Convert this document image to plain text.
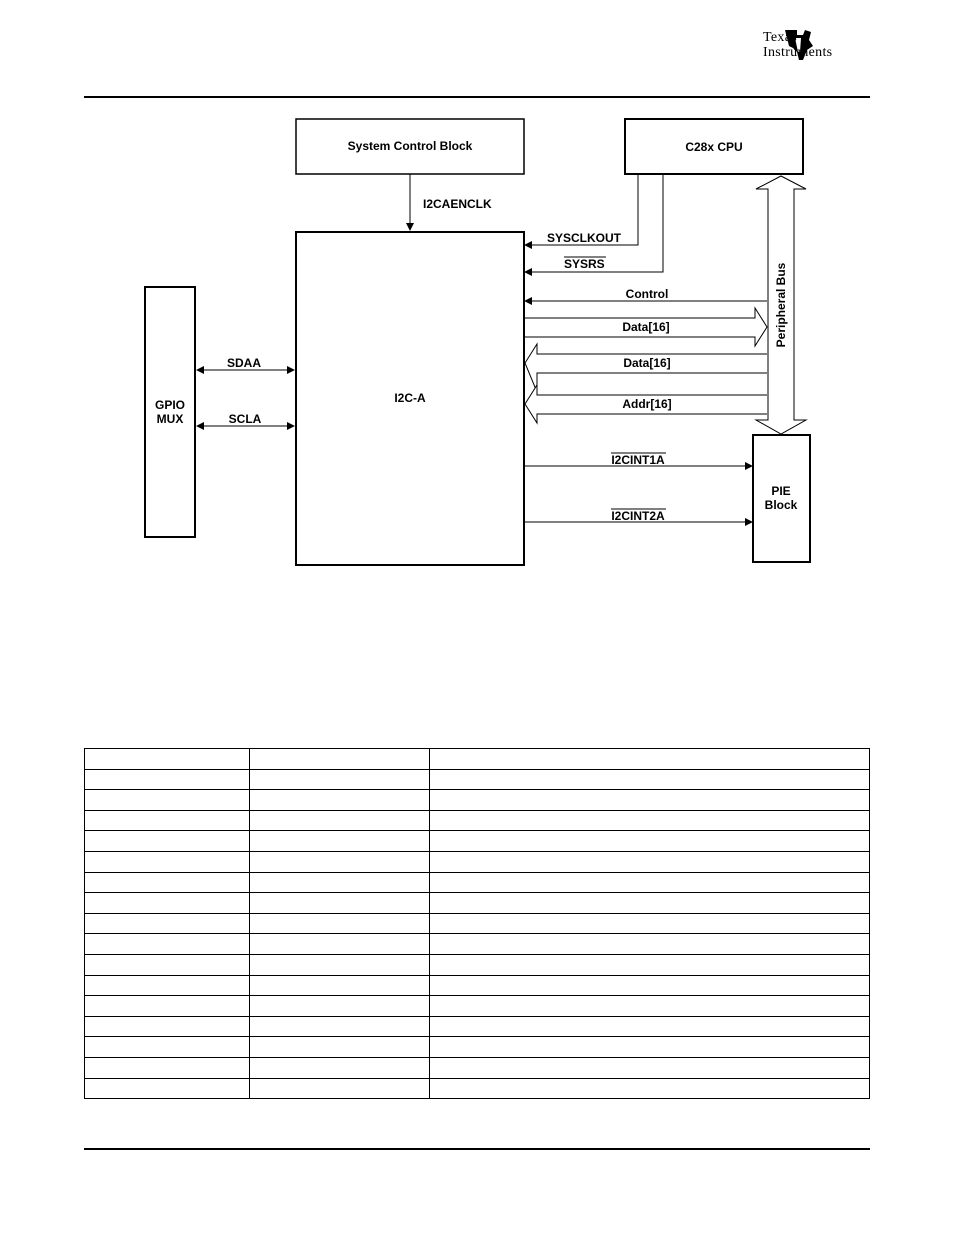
Texas
Instruments
System Control Block	C28x CPU
I2C-A
GPIO
MUX
PIE
Block
Peripheral Bus
I2CAENCLK
SYSCLKOUT
SYSRS
Control
Data[16]
Data[16]
Addr[16]
SDAA
SCLA
I2CINT1A
I2CINT2A
